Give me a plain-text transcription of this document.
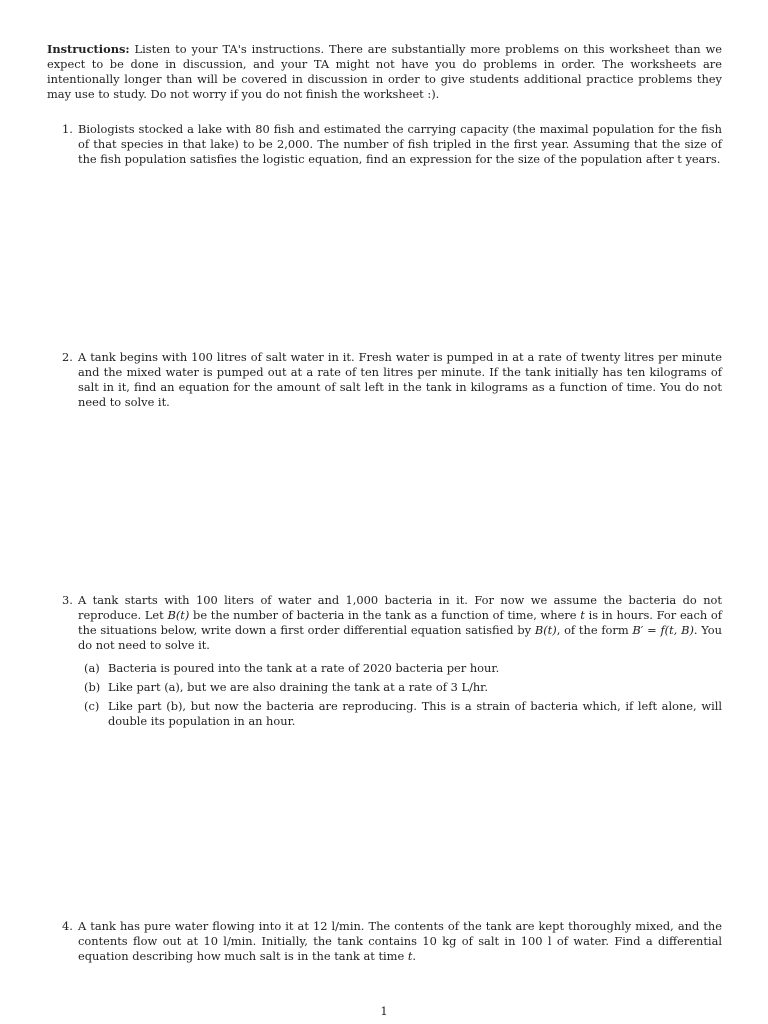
Instructions: Listen to your TA's instructions. There are substantially more problems on this worksheet than we expect to be done in discussion, and your TA might not have you do problems in order. The worksheets are intentionally longer than will be covered in discussion in order to give students additional practice problems they may use to study. Do not worry if you do not finish the worksheet :).
1. Biologists stocked a lake with 80 fish and estimated the carrying capacity (the maximal population for the fish of that species in that lake) to be 2,000. The number of fish tripled in the first year. Assuming that the size of the fish population satisfies the logistic equation, find an expression for the size of the population after t years.
2. A tank begins with 100 litres of salt water in it. Fresh water is pumped in at a rate of twenty litres per minute and the mixed water is pumped out at a rate of ten litres per minute. If the tank initially has ten kilograms of salt in it, find an equation for the amount of salt left in the tank in kilograms as a function of time. You do not need to solve it.
3. A tank starts with 100 liters of water and 1,000 bacteria in it. For now we assume the bacteria do not reproduce. Let B(t) be the number of bacteria in the tank as a function of time, where t is in hours. For each of the situations below, write down a first order differential equation satisfied by B(t), of the form B′ = f(t, B). You do not need to solve it.
(a) Bacteria is poured into the tank at a rate of 2020 bacteria per hour.
(b) Like part (a), but we are also draining the tank at a rate of 3 L/hr.
(c) Like part (b), but now the bacteria are reproducing. This is a strain of bacteria which, if left alone, will double its population in an hour.
4. A tank has pure water flowing into it at 12 l/min. The contents of the tank are kept thoroughly mixed, and the contents flow out at 10 l/min. Initially, the tank contains 10 kg of salt in 100 l of water. Find a differential equation describing how much salt is in the tank at time t.
1
